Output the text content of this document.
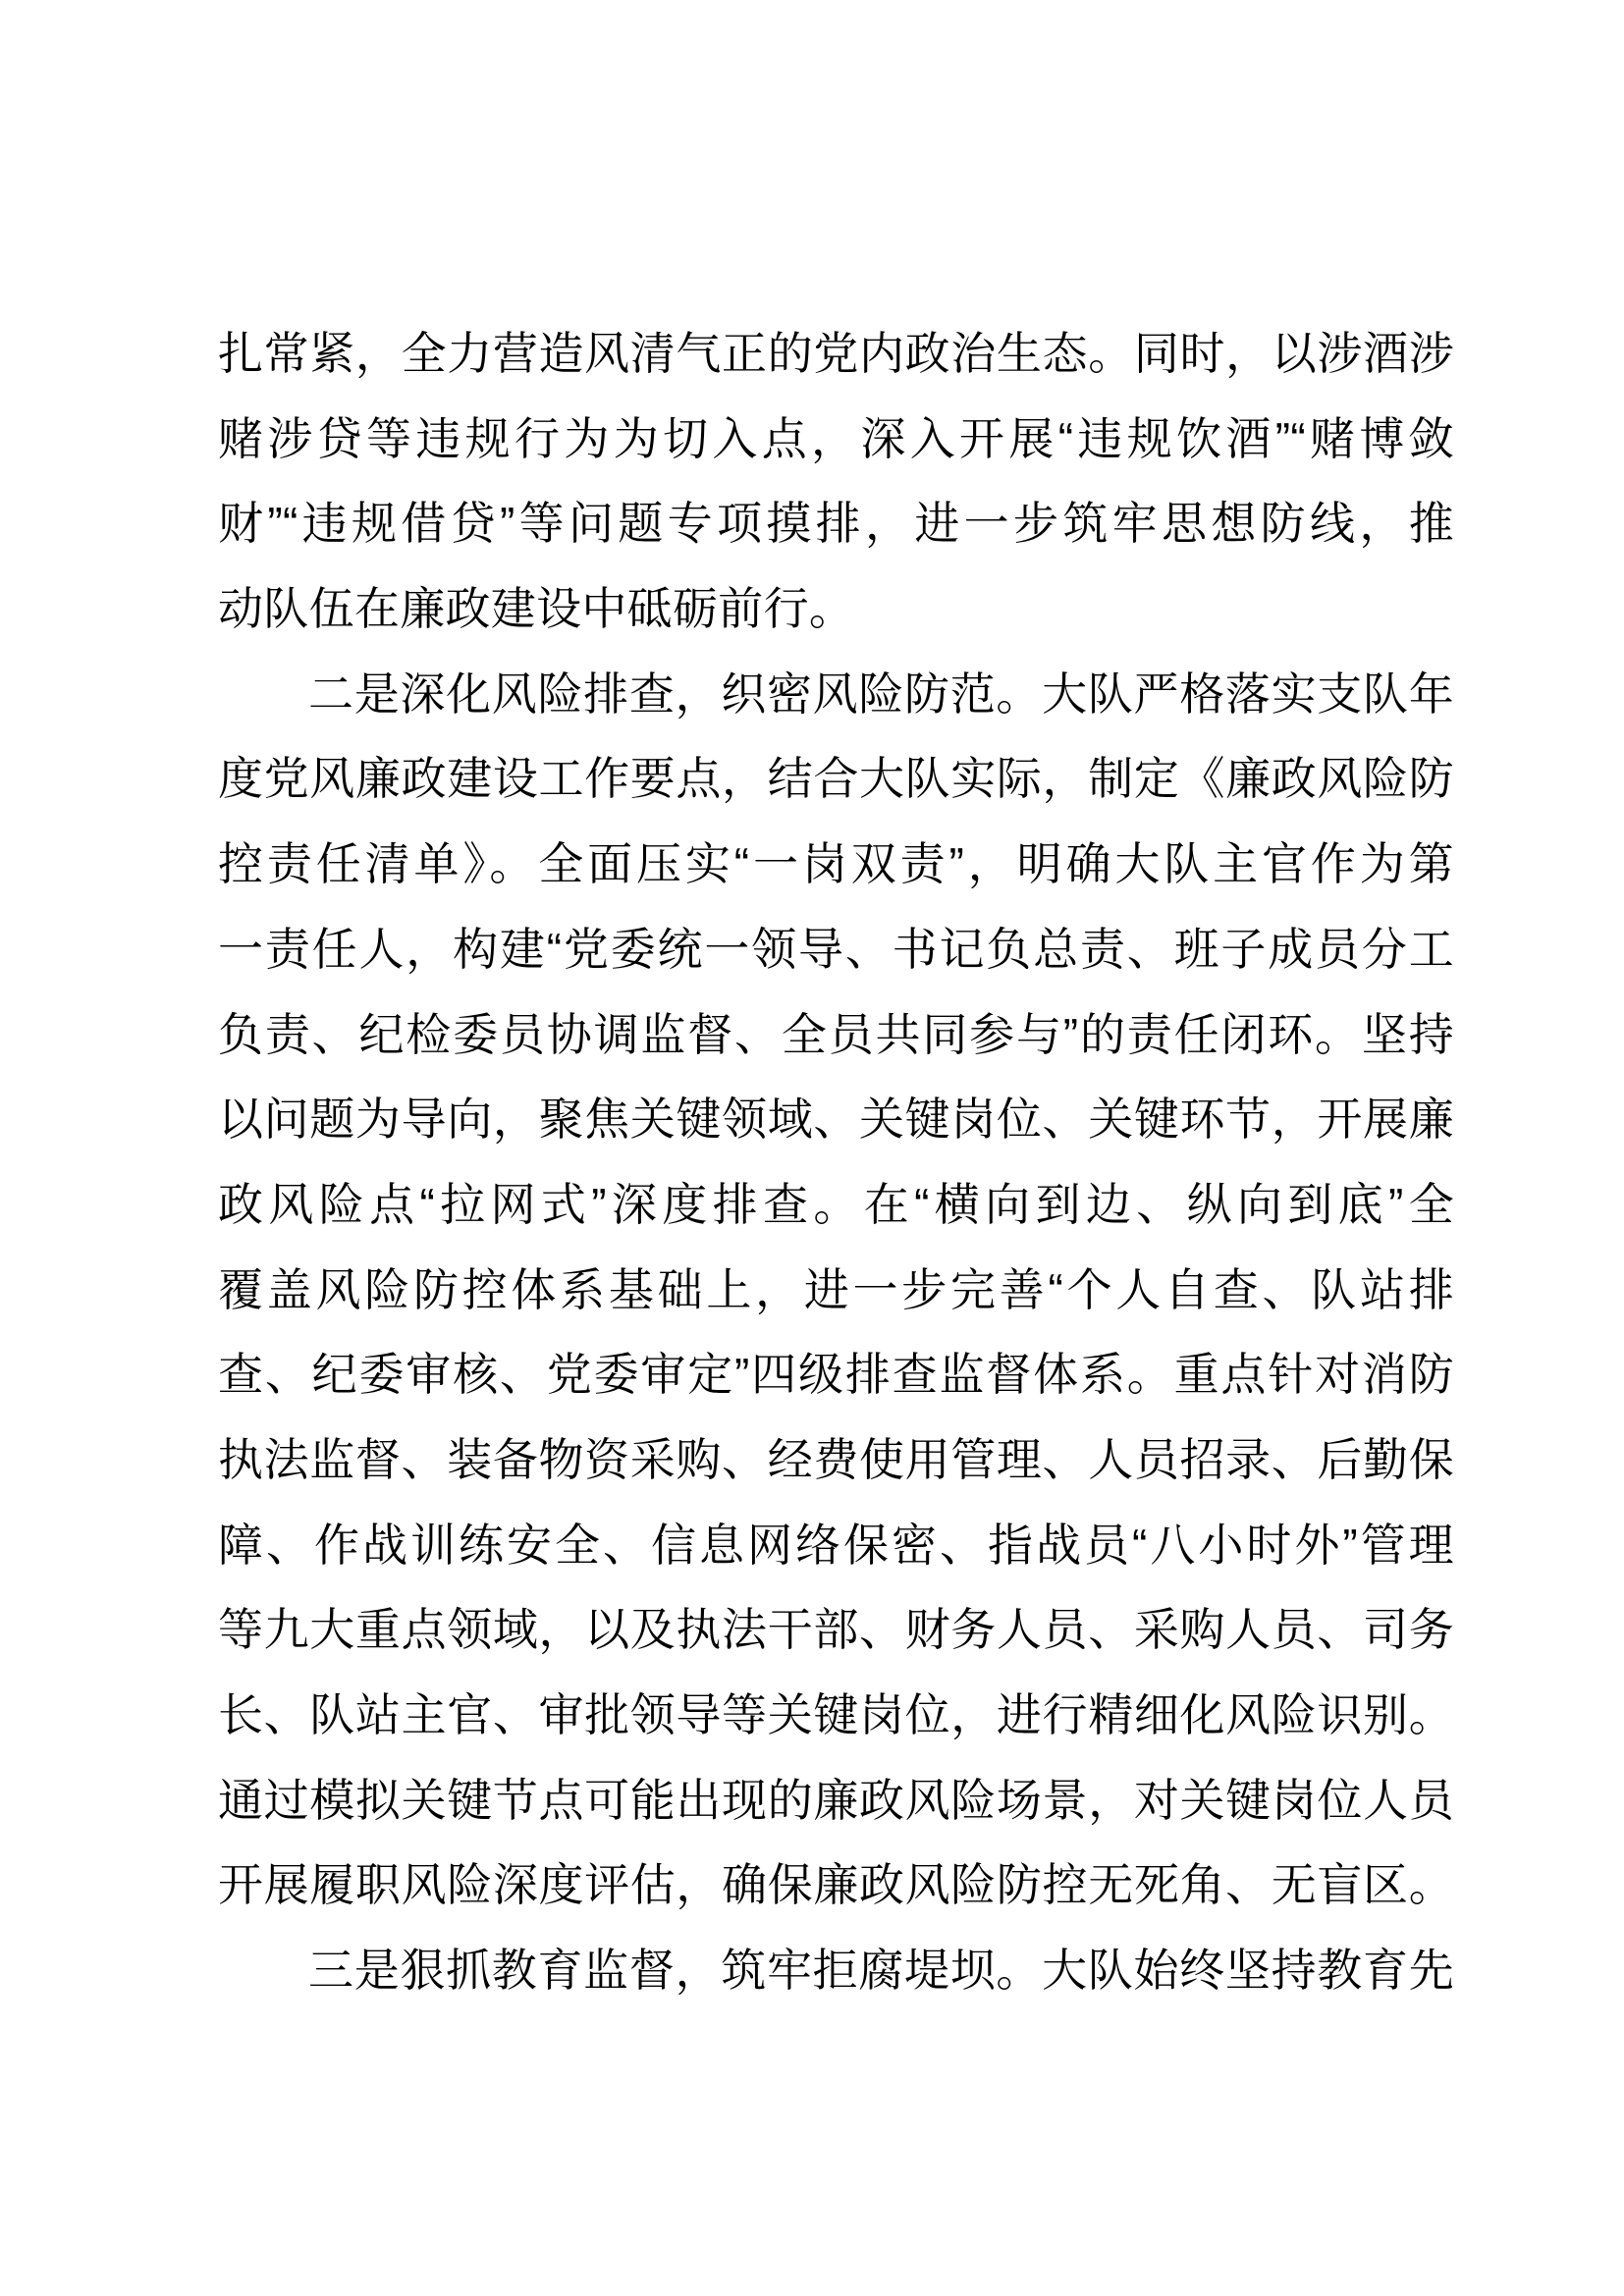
扎常紧，全力营造风清气正的党内政治生态。同时，以涉酒涉
赌涉贷等违规行为为切入点，深入开展“违规饮酒”“赌博敛
财”“违规借贷”等问题专项摸排，进一步筑牢思想防线，推
动队伍在廉政建设中砥砺前行。
二是深化风险排查，织密风险防范。大队严格落实支队年
度党风廉政建设工作要点，结合大队实际，制定《廉政风险防
控责任清单》。全面压实“一岗双责”，明确大队主官作为第
一责任人，构建“党委统一领导、书记负总责、班子成员分工
负责、纪检委员协调监督、全员共同参与”的责任闭环。坚持
以问题为导向，聚焦关键领域、关键岗位、关键环节，开展廉
政风险点“拉网式”深度排查。在“横向到边、纵向到底”全
覆盖风险防控体系基础上，进一步完善“个人自查、队站排
查、纪委审核、党委审定”四级排查监督体系。重点针对消防
执法监督、装备物资采购、经费使用管理、人员招录、后勤保
障、作战训练安全、信息网络保密、指战员“八小时外”管理
等九大重点领域，以及执法干部、财务人员、采购人员、司务
长、队站主官、审批领导等关键岗位，进行精细化风险识别。
通过模拟关键节点可能出现的廉政风险场景，对关键岗位人员
开展履职风险深度评估，确保廉政风险防控无死角、无盲区。
三是狠抓教育监督，筑牢拒腐堤坝。大队始终坚持教育先
